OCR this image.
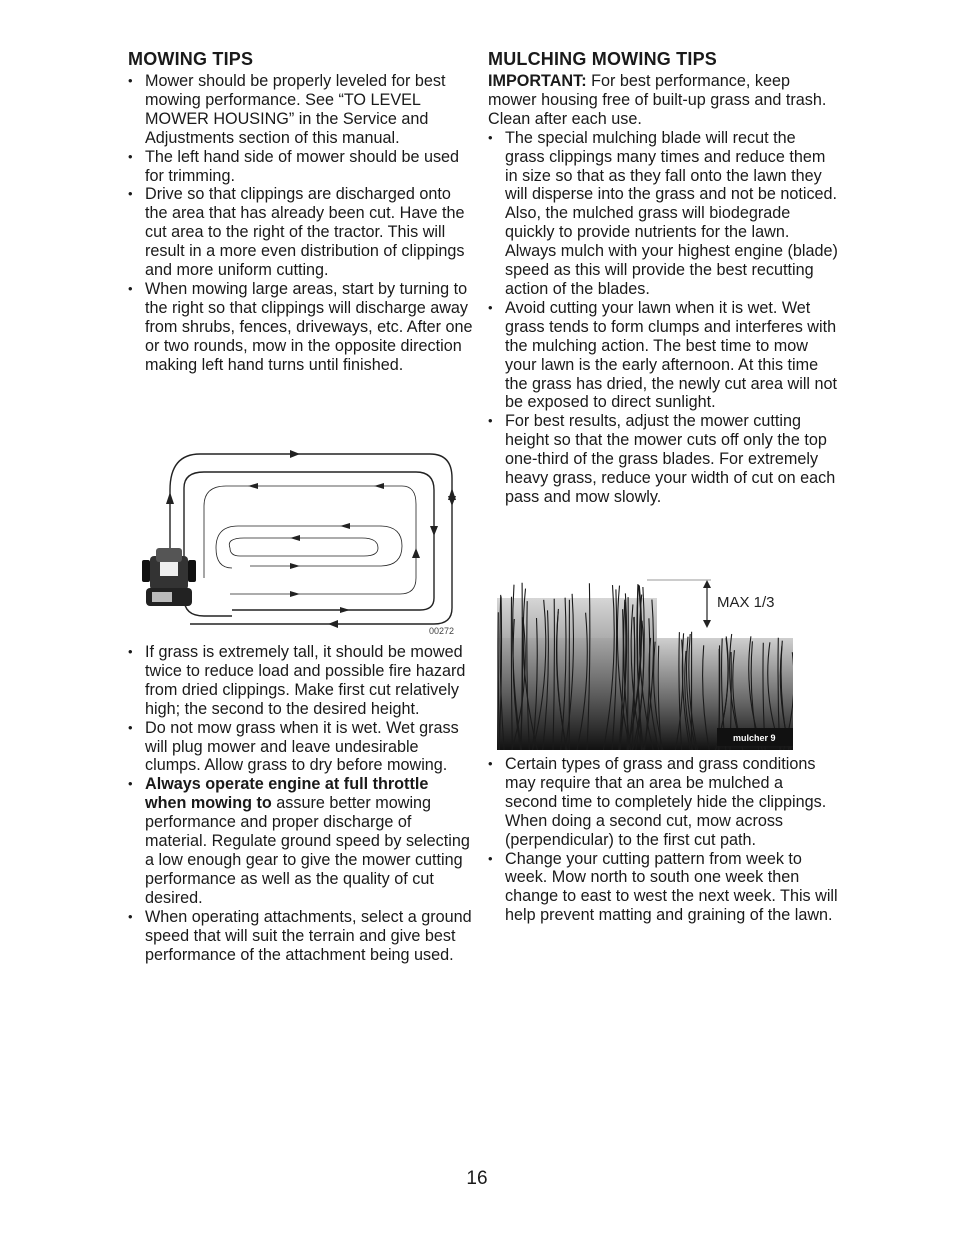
MOWING TIPS
• Mower should be properly leveled for best mowing performance. See “TO LEVEL MOWER HOUSING” in the Service and Adjustments section of this manual.
• The left hand side of mower should be used for trimming.
• Drive so that clippings are discharged onto the area that has already been cut. Have the cut area to the right of the tractor. This will result in a more even distribution of clippings and more uniform cutting.
• When mowing large areas, start by turning to the right so that clippings will discharge away from shrubs, fences, driveways, etc. After one or two rounds, mow in the opposite direction making left hand turns until finished.
00272
• If grass is extremely tall, it should be mowed twice to reduce load and possible fire hazard from dried clippings. Make first cut relatively high; the second to the desired height.
• Do not mow grass when it is wet. Wet grass will plug mower and leave undesirable clumps. Allow grass to dry before mowing.
• Always operate engine at full throttle when mowing to assure better mowing performance and proper discharge of material. Regulate ground speed by selecting a low enough gear to give the mower cutting performance as well as the quality of cut desired.
• When operating attachments, select a ground speed that will suit the terrain and give best performance of the attachment being used.
MULCHING MOWING TIPS

IMPORTANT: For best performance, keep mower housing free of built-up grass and trash. Clean after each use.

• The special mulching blade will recut the grass clippings many times and reduce them in size so that as they fall onto the lawn they will disperse into the grass and not be noticed. Also, the mulched grass will biodegrade quickly to provide nutrients for the lawn. Always mulch with your highest engine (blade) speed as this will provide the best recutting action of the blades.
• Avoid cutting your lawn when it is wet. Wet grass tends to form clumps and interferes with the mulching action. The best time to mow your lawn is the early afternoon. At this time the grass has dried, the newly cut area will not be exposed to direct sunlight.
• For best results, adjust the mower cutting height so that the mower cuts off only the top one-third of the grass blades. For extremely heavy grass, reduce your width of cut on each pass and mow slowly.
MAX 1/3
mulcher 9
• Certain types of grass and grass conditions may require that an area be mulched a second time to completely hide the clippings. When doing a second cut, mow across (perpendicular) to the first cut path.
• Change your cutting pattern from week to week. Mow north to south one week then change to east to west the next week. This will help prevent matting and graining of the lawn.
16
